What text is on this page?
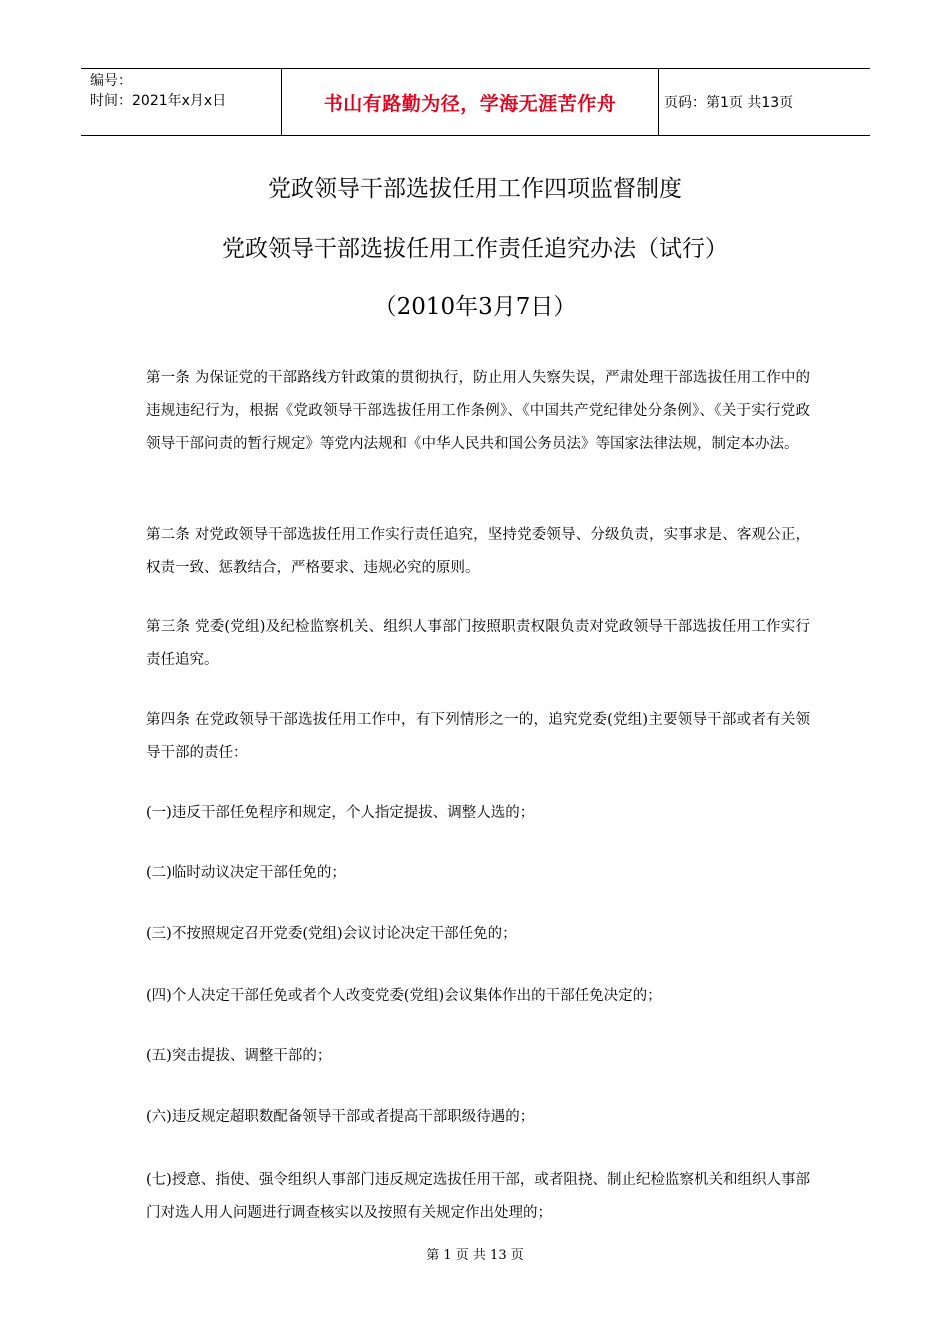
编号：
时间：2021年x月x日	书山有路勤为径，学海无涯苦作舟	页码：第1页 共13页
党政领导干部选拔任用工作四项监督制度
党政领导干部选拔任用工作责任追究办法（试行）
（2010年3月7日）

第一条 为保证党的干部路线方针政策的贯彻执行，防止用人失察失误，严肃处理干部选拔任用工作中的违规违纪行为，根据《党政领导干部选拔任用工作条例》、《中国共产党纪律处分条例》、《关于实行党政领导干部问责的暂行规定》等党内法规和《中华人民共和国公务员法》等国家法律法规，制定本办法。

第二条 对党政领导干部选拔任用工作实行责任追究，坚持党委领导、分级负责，实事求是、客观公正，权责一致、惩教结合，严格要求、违规必究的原则。

第三条 党委(党组)及纪检监察机关、组织人事部门按照职责权限负责对党政领导干部选拔任用工作实行责任追究。

第四条 在党政领导干部选拔任用工作中，有下列情形之一的，追究党委(党组)主要领导干部或者有关领导干部的责任：

(一)违反干部任免程序和规定，个人指定提拔、调整人选的；

(二)临时动议决定干部任免的；

(三)不按照规定召开党委(党组)会议讨论决定干部任免的；

(四)个人决定干部任免或者个人改变党委(党组)会议集体作出的干部任免决定的；

(五)突击提拔、调整干部的；

(六)违反规定超职数配备领导干部或者提高干部职级待遇的；

(七)授意、指使、强令组织人事部门违反规定选拔任用干部，或者阻挠、制止纪检监察机关和组织人事部门对选人用人问题进行调查核实以及按照有关规定作出处理的；

第 1 页 共 13 页
